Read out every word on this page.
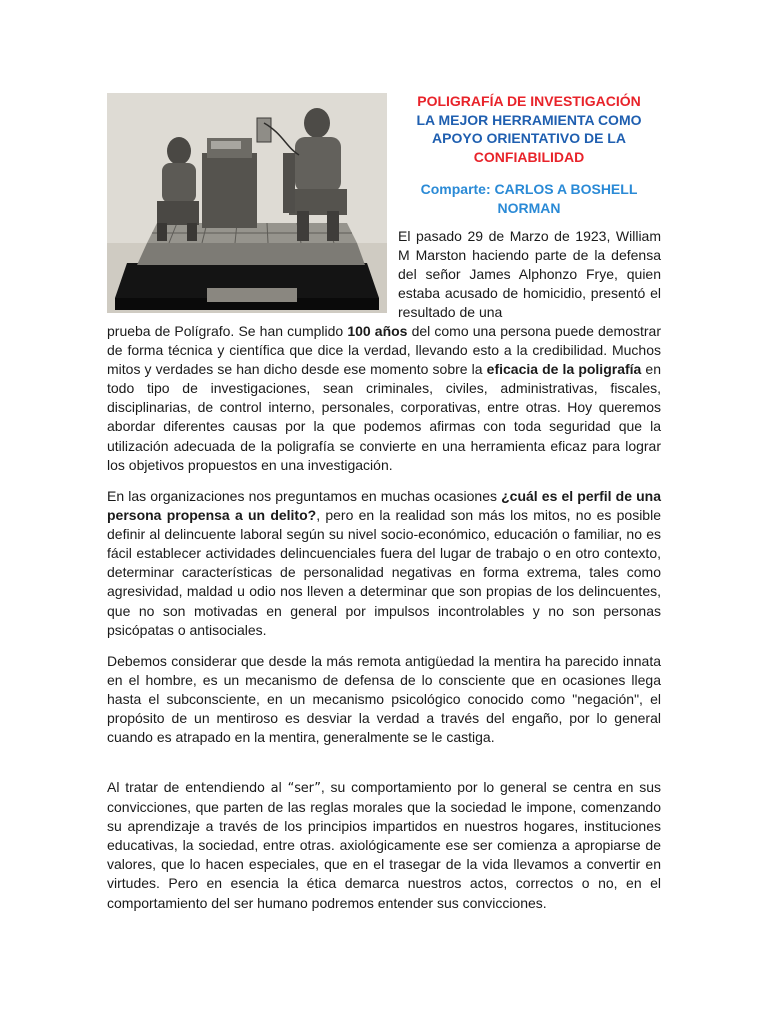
POLIGRAFÍA DE INVESTIGACIÓN
LA MEJOR HERRAMIENTA COMO APOYO ORIENTATIVO DE LA
CONFIABILIDAD
Comparte: CARLOS A BOSHELL NORMAN
El pasado 29 de Marzo de 1923, William M Marston haciendo parte de la defensa del señor James Alphonzo Frye, quien estaba acusado de homicidio, presentó el resultado de una
prueba de Polígrafo. Se han cumplido 100 años del como una persona puede demostrar de forma técnica y científica que dice la verdad, llevando esto a la credibilidad. Muchos mitos y verdades se han dicho desde ese momento sobre la eficacia de la poligrafía en todo tipo de investigaciones, sean criminales, civiles, administrativas, fiscales, disciplinarias, de control interno, personales, corporativas, entre otras. Hoy queremos abordar diferentes causas por la que podemos afirmas con toda seguridad que la utilización adecuada de la poligrafía se convierte en una herramienta eficaz para lograr los objetivos propuestos en una investigación.
En las organizaciones nos preguntamos en muchas ocasiones ¿cuál es el perfil de una persona propensa a un delito?, pero en la realidad son más los mitos, no es posible definir al delincuente laboral según su nivel socio-económico, educación o familiar, no es fácil establecer actividades delincuenciales fuera del lugar de trabajo o en otro contexto, determinar características de personalidad negativas en forma extrema, tales como agresividad, maldad u odio nos lleven a determinar que son propias de los delincuentes, que no son motivadas en general por impulsos incontrolables y no son personas psicópatas o antisociales.
Debemos considerar que desde la más remota antigüedad la mentira ha parecido innata en el hombre, es un mecanismo de defensa de lo consciente que en ocasiones llega hasta el subconsciente, en un mecanismo psicológico conocido como "negación", el propósito de un mentiroso es desviar la verdad a través del engaño, por lo general cuando es atrapado en la mentira, generalmente se le castiga.
Al tratar de entendiendo al “ser”, su comportamiento por lo general se centra en sus convicciones, que parten de las reglas morales que la sociedad le impone, comenzando su aprendizaje a través de los principios impartidos en nuestros hogares, instituciones educativas, la sociedad, entre otras. axiológicamente ese ser comienza a apropiarse de valores, que lo hacen especiales, que en el trasegar de la vida llevamos a convertir en virtudes. Pero en esencia la ética demarca nuestros actos, correctos o no, en el comportamiento del ser humano podremos entender sus convicciones.
